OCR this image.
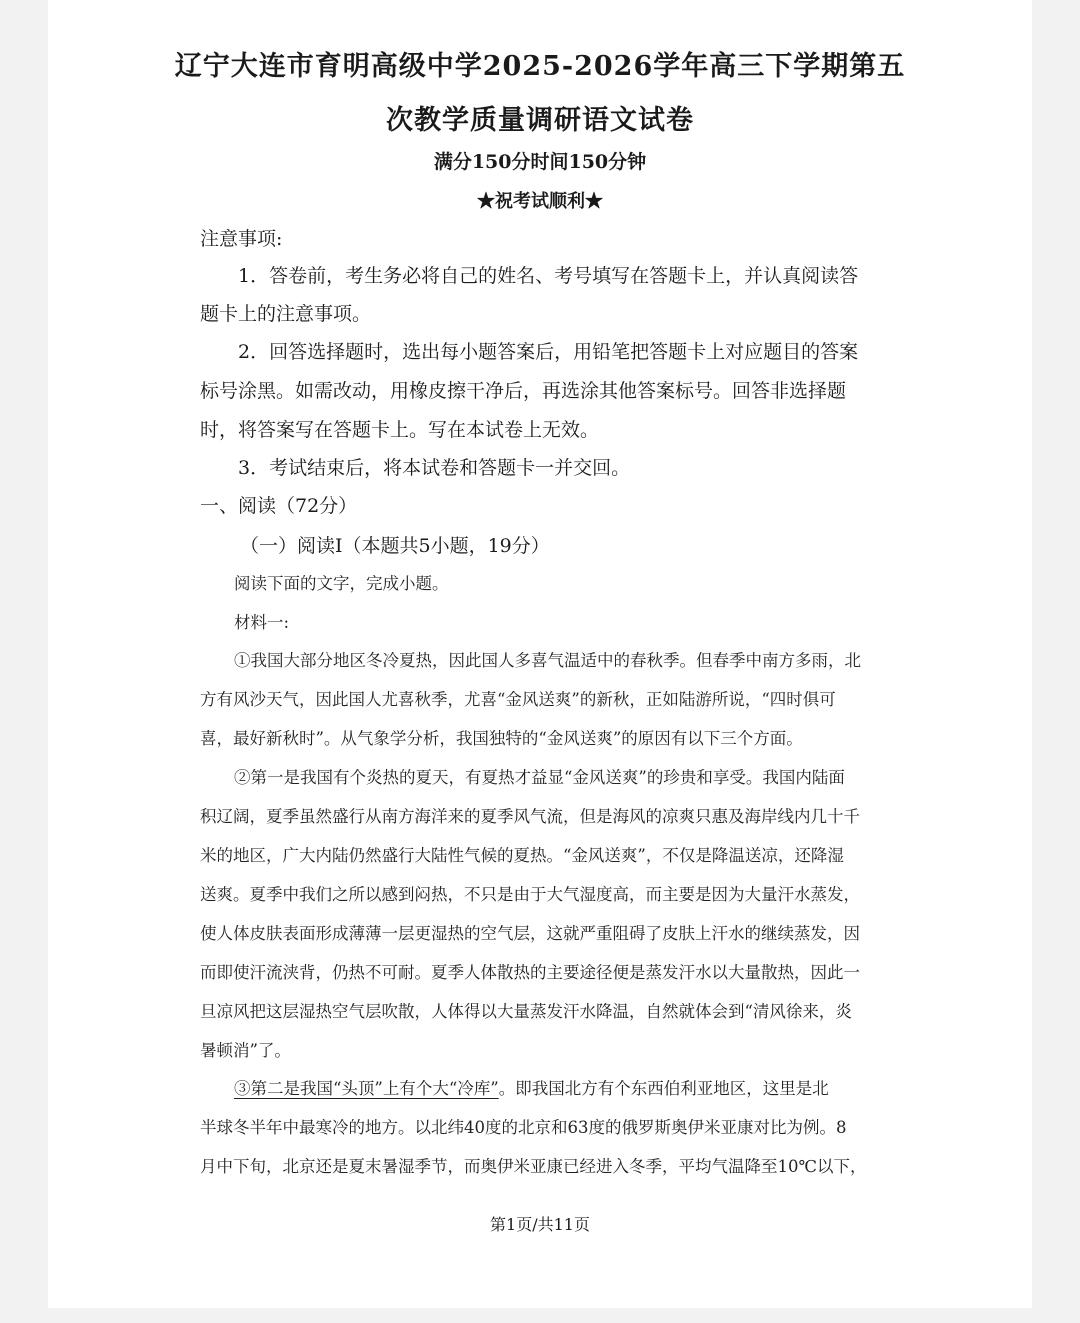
辽宁大连市育明高级中学2025-2026学年高三下学期第五
次教学质量调研语文试卷
满分150分时间150分钟
★祝考试顺利★
注意事项:
1．答卷前，考生务必将自己的姓名、考号填写在答题卡上，并认真阅读答
题卡上的注意事项。
2．回答选择题时，选出每小题答案后，用铅笔把答题卡上对应题目的答案
标号涂黑。如需改动，用橡皮擦干净后，再选涂其他答案标号。回答非选择题
时，将答案写在答题卡上。写在本试卷上无效。
3．考试结束后，将本试卷和答题卡一并交回。
一、阅读（72分）
（一）阅读Ⅰ（本题共5小题，19分）
阅读下面的文字，完成小题。
材料一:
①我国大部分地区冬冷夏热，因此国人多喜气温适中的春秋季。但春季中南方多雨，北
方有风沙天气，因此国人尤喜秋季，尤喜“金风送爽”的新秋，正如陆游所说，“四时俱可
喜，最好新秋时”。从气象学分析，我国独特的“金风送爽”的原因有以下三个方面。
②第一是我国有个炎热的夏天，有夏热才益显“金风送爽”的珍贵和享受。我国内陆面
积辽阔，夏季虽然盛行从南方海洋来的夏季风气流，但是海风的凉爽只惠及海岸线内几十千
米的地区，广大内陆仍然盛行大陆性气候的夏热。“金风送爽”，不仅是降温送凉，还降湿
送爽。夏季中我们之所以感到闷热，不只是由于大气湿度高，而主要是因为大量汗水蒸发，
使人体皮肤表面形成薄薄一层更湿热的空气层，这就严重阻碍了皮肤上汗水的继续蒸发，因
而即使汗流浃背，仍热不可耐。夏季人体散热的主要途径便是蒸发汗水以大量散热，因此一
旦凉风把这层湿热空气层吹散，人体得以大量蒸发汗水降温，自然就体会到“清风徐来，炎
暑顿消”了。
③第二是我国“头顶”上有个大“冷库”。即我国北方有个东西伯利亚地区，这里是北
半球冬半年中最寒冷的地方。以北纬40度的北京和63度的俄罗斯奥伊米亚康对比为例。8
月中下旬，北京还是夏末暑湿季节，而奥伊米亚康已经进入冬季，平均气温降至10℃以下，
第1页/共11页
